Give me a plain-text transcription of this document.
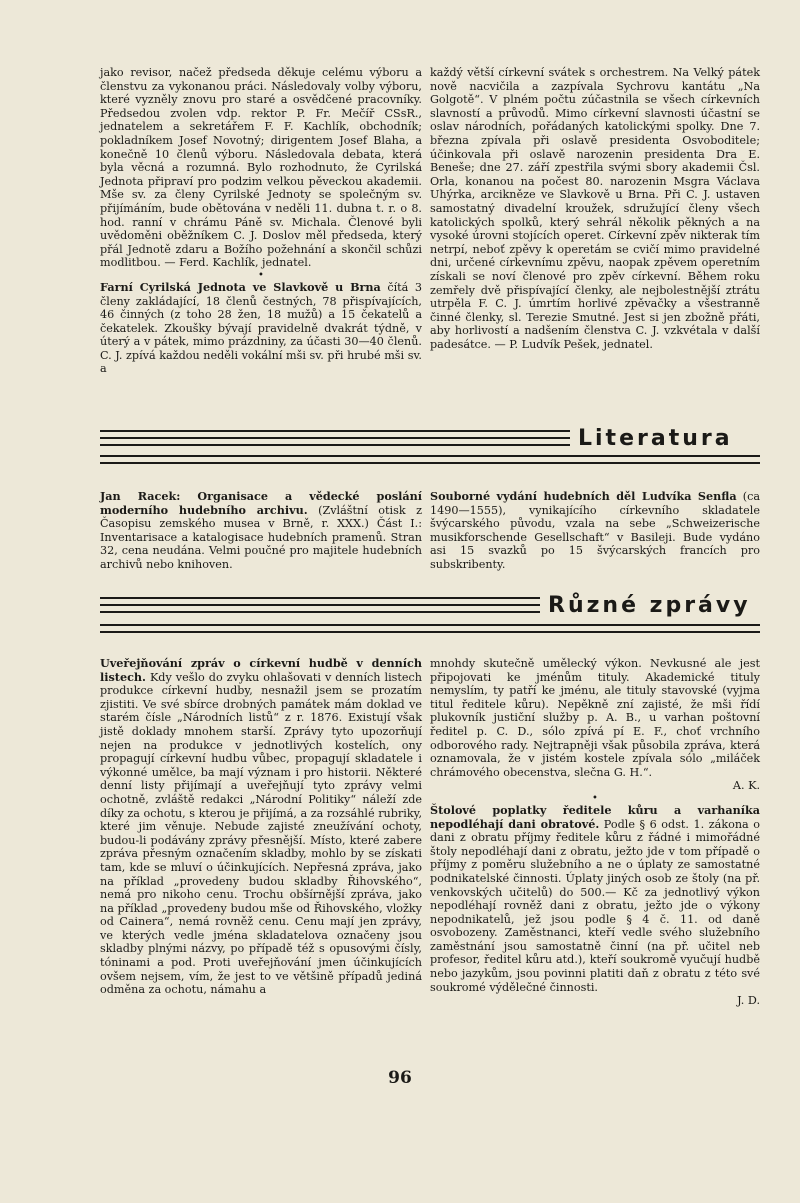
jako revisor, načež předseda děkuje celému výboru a členstvu za vykonanou práci. Následovaly volby výboru, které vyzněly znovu pro staré a osvědčené pracovníky. Předsedou zvolen vdp. rektor P. Fr. Mečíř CSsR., jednatelem a sekretářem F. F. Kachlík, obchodník; pokladníkem Josef Novotný; dirigentem Josef Blaha, a konečně 10 členů výboru. Následovala debata, která byla věcná a rozumná. Bylo rozhodnuto, že Cyrilská Jednota připraví pro podzim velkou pěveckou akademii. Mše sv. za členy Cyrilské Jednoty se společným sv. přijímáním, bude obětována v neděli 11. dubna t. r. o 8. hod. ranní v chrámu Páně sv. Michala. Členové byli uvědoměni oběžníkem C. J. Doslov měl předseda, který přál Jednotě zdaru a Božího požehnání a skončil schůzi modlitbou. — Ferd. Kachlík, jednatel.

•

Farní Cyrilská Jednota ve Slavkově u Brna čítá 3 členy zakládající, 18 členů čestných, 78 přispívajících, 46 činných (z toho 28 žen, 18 mužů) a 15 čekatelů a čekatelek. Zkoušky bývají pravidelně dvakrát týdně, v úterý a v pátek, mimo prázdniny, za účasti 30—40 členů. C. J. zpívá každou neděli vokální mši sv. při hrubé mši sv. a

každý větší církevní svátek s orchestrem. Na Velký pátek nově nacvičila a zazpívala Sychrovu kantátu „Na Golgotě“. V plném počtu zúčastnila se všech církevních slavností a průvodů. Mimo církevní slavnosti účastní se oslav národních, pořádaných katolickými spolky. Dne 7. března zpívala při oslavě presidenta Osvoboditele; účinkovala při oslavě narozenin presidenta Dra E. Beneše; dne 27. září zpestřila svými sbory akademii Čsl. Orla, konanou na počest 80. narozenin Msgra Václava Uhýrka, arcikněze ve Slavkově u Brna. Při C. J. ustaven samostatný divadelní kroužek, sdružující členy všech katolických spolků, který sehrál několik pěkných a na vysoké úrovni stojících operet. Církevní zpěv nikterak tím netrpí, neboť zpěvy k operetám se cvičí mimo pravidelné dni, určené církevnímu zpěvu, naopak zpěvem operetním získali se noví členové pro zpěv církevní. Během roku zemřely dvě přispívající členky, ale nejbolestnější ztrátu utrpěla F. C. J. úmrtím horlivé zpěvačky a všestranně činné členky, sl. Terezie Smutné. Jest si jen zbožně přáti, aby horlivostí a nadšením členstva C. J. vzkvétala v další padesátce. — P. Ludvík Pešek, jednatel.

Literatura

Jan Racek: Organisace a vědecké poslání moderního hudebního archivu. (Zvláštní otisk z Časopisu zemského musea v Brně, r. XXX.) Část I.: Inventarisace a katalogisace hudebních pramenů. Stran 32, cena neudána. Velmi poučné pro majitele hudebních archivů nebo knihoven.

Souborné vydání hudebních děl Ludvíka Senfla (ca 1490—1555), vynikajícího církevního skladatele švýcarského původu, vzala na sebe „Schweizerische musikforschende Gesellschaft“ v Basileji. Bude vydáno asi 15 svazků po 15 švýcarských francích pro subskribenty.

Různé zprávy

Uveřejňování zpráv o církevní hudbě v denních listech. Kdy vešlo do zvyku ohlašovati v denních listech produkce církevní hudby, nesnažil jsem se prozatím zjistiti. Ve své sbírce drobných památek mám doklad ve starém čísle „Národních listů“ z r. 1876. Existují však jistě doklady mnohem starší. Zprávy tyto upozorňují nejen na produkce v jednotlivých kostelích, ony propagují církevní hudbu vůbec, propagují skladatele i výkonné umělce, ba mají význam i pro historii. Některé denní listy přijímají a uveřejňují tyto zprávy velmi ochotně, zvláště redakci „Národní Politiky“ náleží zde díky za ochotu, s kterou je přijímá, a za rozsáhlé rubriky, které jim věnuje. Nebude zajisté zneužívání ochoty, budou-li podávány zprávy přesnější. Místo, které zabere zpráva přesným označením skladby, mohlo by se získati tam, kde se mluví o účinkujících. Nepřesná zpráva, jako na příklad „provedeny budou skladby Řihovského“, nemá pro nikoho cenu. Trochu obšírnější zpráva, jako na příklad „provedeny budou mše od Řihovského, vložky od Cainera“, nemá rovněž cenu. Cenu mají jen zprávy, ve kterých vedle jména skladatelova označeny jsou skladby plnými názvy, po případě též s opusovými čísly, tóninami a pod. Proti uveřejňování jmen účinkujících ovšem nejsem, vím, že jest to ve většině případů jediná odměna za ochotu, námahu a

mnohdy skutečně umělecký výkon. Nevkusné ale jest připojovati ke jménům tituly. Akademické tituly nemyslím, ty patří ke jménu, ale tituly stavovské (vyjma titul ředitele kůru). Nepěkně zní zajisté, že mši řídí plukovník justiční služby p. A. B., u varhan poštovní ředitel p. C. D., sólo zpívá pí E. F., choť vrchního odborového rady. Nejtrapněji však působila zpráva, která oznamovala, že v jistém kostele zpívala sólo „miláček chrámového obecenstva, slečna G. H.“.

A. K.

•

Štolové poplatky ředitele kůru a varhaníka nepodléhají dani obratové. Podle § 6 odst. 1. zákona o dani z obratu příjmy ředitele kůru z řádné i mimořádné štoly nepodléhají dani z obratu, ježto jde v tom případě o příjmy z poměru služebního a ne o úplaty ze samostatné podnikatelské činnosti. Úplaty jiných osob ze štoly (na př. venkovských učitelů) do 500.— Kč za jednotlivý výkon nepodléhají rovněž dani z obratu, ježto jde o výkony nepodnikatelů, jež jsou podle § 4 č. 11. od daně osvobozeny. Zaměstnanci, kteří vedle svého služebního zaměstnání jsou samostatně činní (na př. učitel neb profesor, ředitel kůru atd.), kteří soukromě vyučují hudbě nebo jazykům, jsou povinni platiti daň z obratu z této své soukromé výdělečné činnosti.

J. D.

96
